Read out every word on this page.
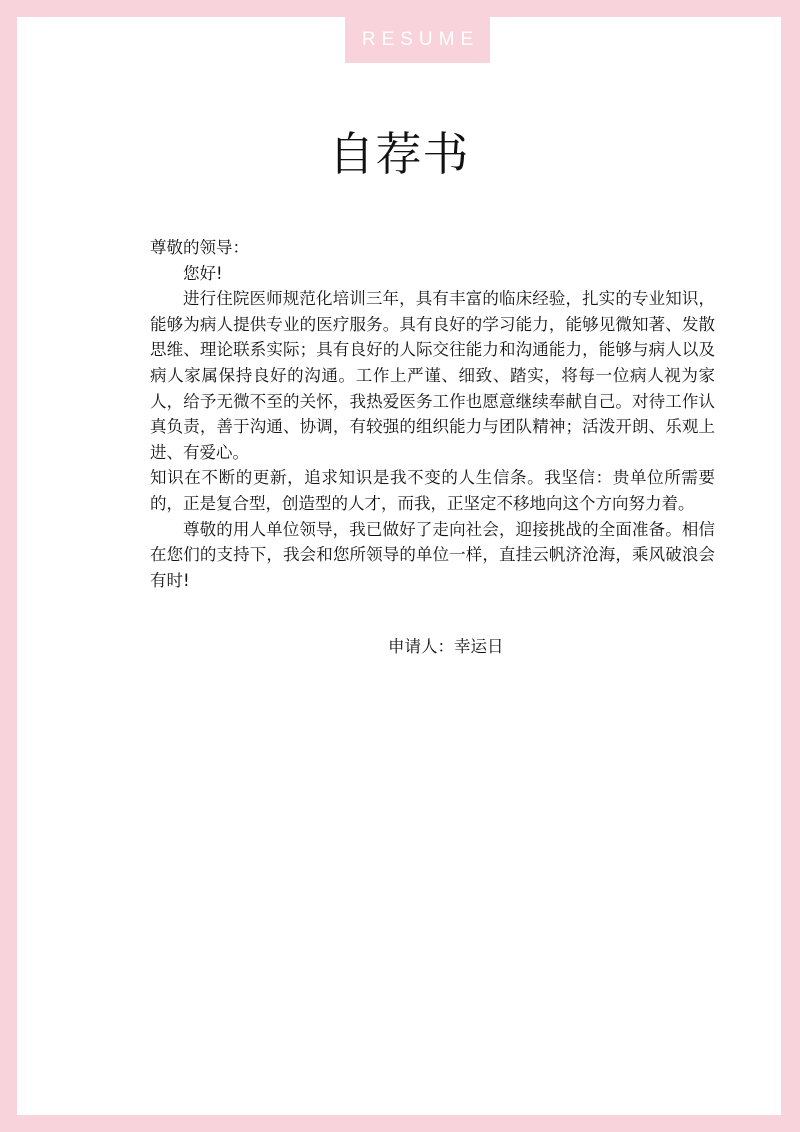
RESUME
自荐书

尊敬的领导：

您好!

进行住院医师规范化培训三年，具有丰富的临床经验，扎实的专业知识，能够为病人提供专业的医疗服务。具有良好的学习能力，能够见微知著、发散思维、理论联系实际；具有良好的人际交往能力和沟通能力，能够与病人以及病人家属保持良好的沟通。工作上严谨、细致、踏实，将每一位病人视为家人，给予无微不至的关怀，我热爱医务工作也愿意继续奉献自己。对待工作认真负责，善于沟通、协调，有较强的组织能力与团队精神；活泼开朗、乐观上进、有爱心。

知识在不断的更新，追求知识是我不变的人生信条。我坚信：贵单位所需要的，正是复合型，创造型的人才，而我，正坚定不移地向这个方向努力着。

尊敬的用人单位领导，我已做好了走向社会，迎接挑战的全面准备。相信在您们的支持下，我会和您所领导的单位一样，直挂云帆济沧海，乘风破浪会有时!

申请人：幸运日
